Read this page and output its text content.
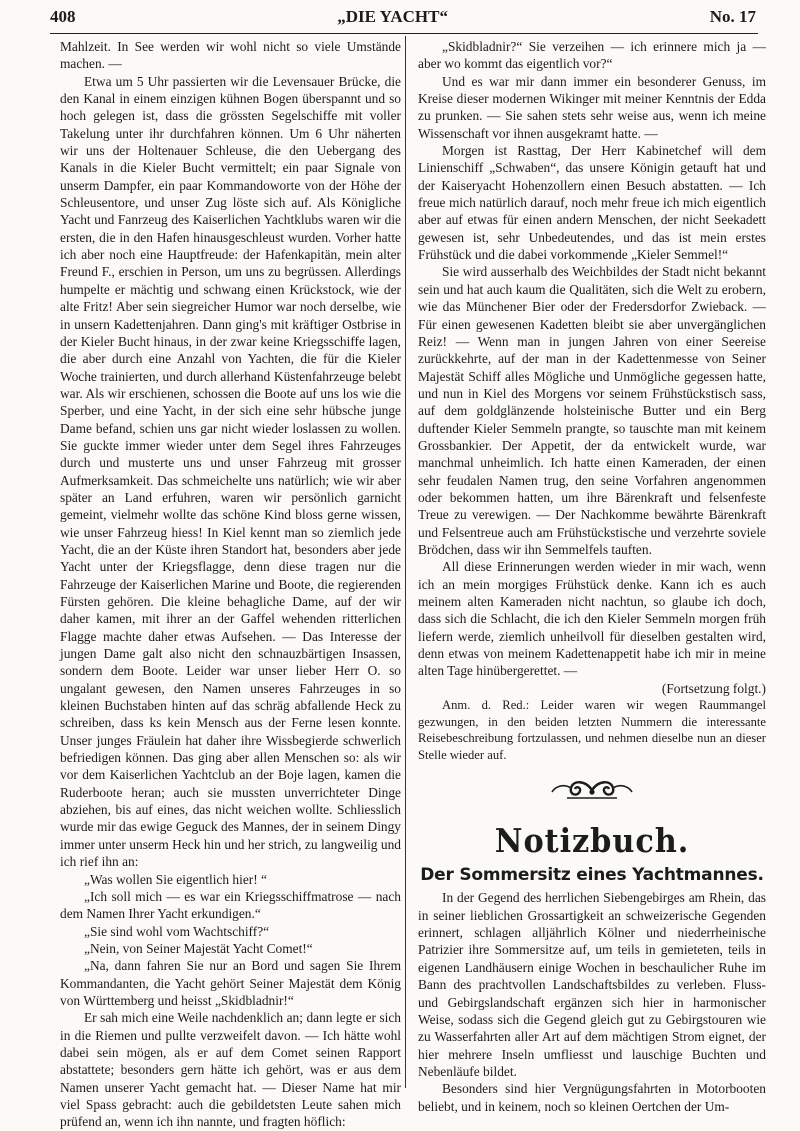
408	„DIE YACHT“	No. 17

Mahlzeit. In See werden wir wohl nicht so viele Umstände machen. —

Etwa um 5 Uhr passierten wir die Levensauer Brücke, die den Kanal in einem einzigen kühnen Bogen überspannt und so hoch gelegen ist, dass die grössten Segelschiffe mit voller Takelung unter ihr durchfahren können. Um 6 Uhr näherten wir uns der Holtenauer Schleuse, die den Uebergang des Kanals in die Kieler Bucht vermittelt; ein paar Signale von unserm Dampfer, ein paar Kommandoworte von der Höhe der Schleusentore, und unser Zug löste sich auf. Als Königliche Yacht und Fanrzeug des Kaiserlichen Yachtklubs waren wir die ersten, die in den Hafen hinausgeschleust wurden. Vorher hatte ich aber noch eine Hauptfreude: der Hafenkapitän, mein alter Freund F., erschien in Person, um uns zu begrüssen. Allerdings humpelte er mächtig und schwang einen Krückstock, wie der alte Fritz! Aber sein siegreicher Humor war noch derselbe, wie in unsern Kadettenjahren. Dann ging's mit kräftiger Ostbrise in der Kieler Bucht hinaus, in der zwar keine Kriegsschiffe lagen, die aber durch eine Anzahl von Yachten, die für die Kieler Woche trainierten, und durch allerhand Küstenfahrzeuge belebt war. Als wir erschienen, schossen die Boote auf uns los wie die Sperber, und eine Yacht, in der sich eine sehr hübsche junge Dame befand, schien uns gar nicht wieder loslassen zu wollen. Sie guckte immer wieder unter dem Segel ihres Fahrzeuges durch und musterte uns und unser Fahrzeug mit grosser Aufmerksamkeit. Das schmeichelte uns natürlich; wie wir aber später an Land erfuhren, waren wir persönlich garnicht gemeint, vielmehr wollte das schöne Kind bloss gerne wissen, wie unser Fahrzeug hiess! In Kiel kennt man so ziemlich jede Yacht, die an der Küste ihren Standort hat, besonders aber jede Yacht unter der Kriegsflagge, denn diese tragen nur die Fahrzeuge der Kaiserlichen Marine und Boote, die regierenden Fürsten gehören. Die kleine behagliche Dame, auf der wir daher kamen, mit ihrer an der Gaffel wehenden ritterlichen Flagge machte daher etwas Aufsehen. — Das Interesse der jungen Dame galt also nicht den schnauzbärtigen Insassen, sondern dem Boote. Leider war unser lieber Herr O. so ungalant gewesen, den Namen unseres Fahrzeuges in so kleinen Buchstaben hinten auf das schräg abfallende Heck zu schreiben, dass ks kein Mensch aus der Ferne lesen konnte. Unser junges Fräulein hat daher ihre Wissbegierde schwerlich befriedigen können. Das ging aber allen Menschen so: als wir vor dem Kaiserlichen Yachtclub an der Boje lagen, kamen die Ruderboote heran; auch sie mussten unverrichteter Dinge abziehen, bis auf eines, das nicht weichen wollte. Schliesslich wurde mir das ewige Geguck des Mannes, der in seinem Dingy immer unter unserm Heck hin und her strich, zu langweilig und ich rief ihn an:

„Was wollen Sie eigentlich hier! “

„Ich soll mich — es war ein Kriegsschiffmatrose — nach dem Namen Ihrer Yacht erkundigen.“

„Sie sind wohl vom Wachtschiff?“

„Nein, von Seiner Majestät Yacht Comet!“

„Na, dann fahren Sie nur an Bord und sagen Sie Ihrem Kommandanten, die Yacht gehört Seiner Majestät dem König von Württemberg und heisst „Skidbladnir!“

Er sah mich eine Weile nachdenklich an; dann legte er sich in die Riemen und pullte verzweifelt davon. — Ich hätte wohl dabei sein mögen, als er auf dem Comet seinen Rapport abstattete; besonders gern hätte ich gehört, was er aus dem Namen unserer Yacht gemacht hat. — Dieser Name hat mir viel Spass gebracht: auch die gebildetsten Leute sahen mich prüfend an, wenn ich ihn nannte, und fragten höflich:

„Skidbladnir?“ Sie verzeihen — ich erinnere mich ja — aber wo kommt das eigentlich vor?“

Und es war mir dann immer ein besonderer Genuss, im Kreise dieser modernen Wikinger mit meiner Kenntnis der Edda zu prunken. — Sie sahen stets sehr weise aus, wenn ich meine Wissenschaft vor ihnen ausgekramt hatte. —

Morgen ist Rasttag, Der Herr Kabinetchef will dem Linienschiff „Schwaben“, das unsere Königin getauft hat und der Kaiseryacht Hohenzollern einen Besuch abstatten. — Ich freue mich natürlich darauf, noch mehr freue ich mich eigentlich aber auf etwas für einen andern Menschen, der nicht Seekadett gewesen ist, sehr Unbedeutendes, und das ist mein erstes Frühstück und die dabei vorkommende „Kieler Semmel!“

Sie wird ausserhalb des Weichbildes der Stadt nicht bekannt sein und hat auch kaum die Qualitäten, sich die Welt zu erobern, wie das Münchener Bier oder der Fredersdorfor Zwieback. — Für einen gewesenen Kadetten bleibt sie aber unvergänglichen Reiz! — Wenn man in jungen Jahren von einer Seereise zurückkehrte, auf der man in der Kadettenmesse von Seiner Majestät Schiff alles Mögliche und Unmögliche gegessen hatte, und nun in Kiel des Morgens vor seinem Frühstückstisch sass, auf dem goldglänzende holsteinische Butter und ein Berg duftender Kieler Semmeln prangte, so tauschte man mit keinem Grossbankier. Der Appetit, der da entwickelt wurde, war manchmal unheimlich. Ich hatte einen Kameraden, der einen sehr feudalen Namen trug, den seine Vorfahren angenommen oder bekommen hatten, um ihre Bärenkraft und felsenfeste Treue zu verewigen. — Der Nachkomme bewährte Bärenkraft und Felsentreue auch am Frühstückstische und verzehrte soviele Brödchen, dass wir ihn Semmelfels tauften.

All diese Erinnerungen werden wieder in mir wach, wenn ich an mein morgiges Frühstück denke. Kann ich es auch meinem alten Kameraden nicht nachtun, so glaube ich doch, dass sich die Schlacht, die ich den Kieler Semmeln morgen früh liefern werde, ziemlich unheilvoll für dieselben gestalten wird, denn etwas von meinem Kadettenappetit habe ich mir in meine alten Tage hinübergerettet. —

(Fortsetzung folgt.)

Anm. d. Red.: Leider waren wir wegen Raummangel gezwungen, in den beiden letzten Nummern die interessante Reisebeschreibung fortzulassen, und nehmen dieselbe nun an dieser Stelle wieder auf.

Notizbuch.
Der Sommersitz eines Yachtmannes.

In der Gegend des herrlichen Siebengebirges am Rhein, das in seiner lieblichen Grossartigkeit an schweizerische Gegenden erinnert, schlagen alljährlich Kölner und niederrheinische Patrizier ihre Sommersitze auf, um teils in gemieteten, teils in eigenen Landhäusern einige Wochen in beschaulicher Ruhe im Bann des prachtvollen Landschaftsbildes zu verleben. Fluss- und Gebirgslandschaft ergänzen sich hier in harmonischer Weise, sodass sich die Gegend gleich gut zu Gebirgstouren wie zu Wasserfahrten aller Art auf dem mächtigen Strom eignet, der hier mehrere Inseln umfliesst und lauschige Buchten und Nebenläufe bildet.

Besonders sind hier Vergnügungsfahrten in Motorbooten beliebt, und in keinem, noch so kleinen Oertchen der Um-
